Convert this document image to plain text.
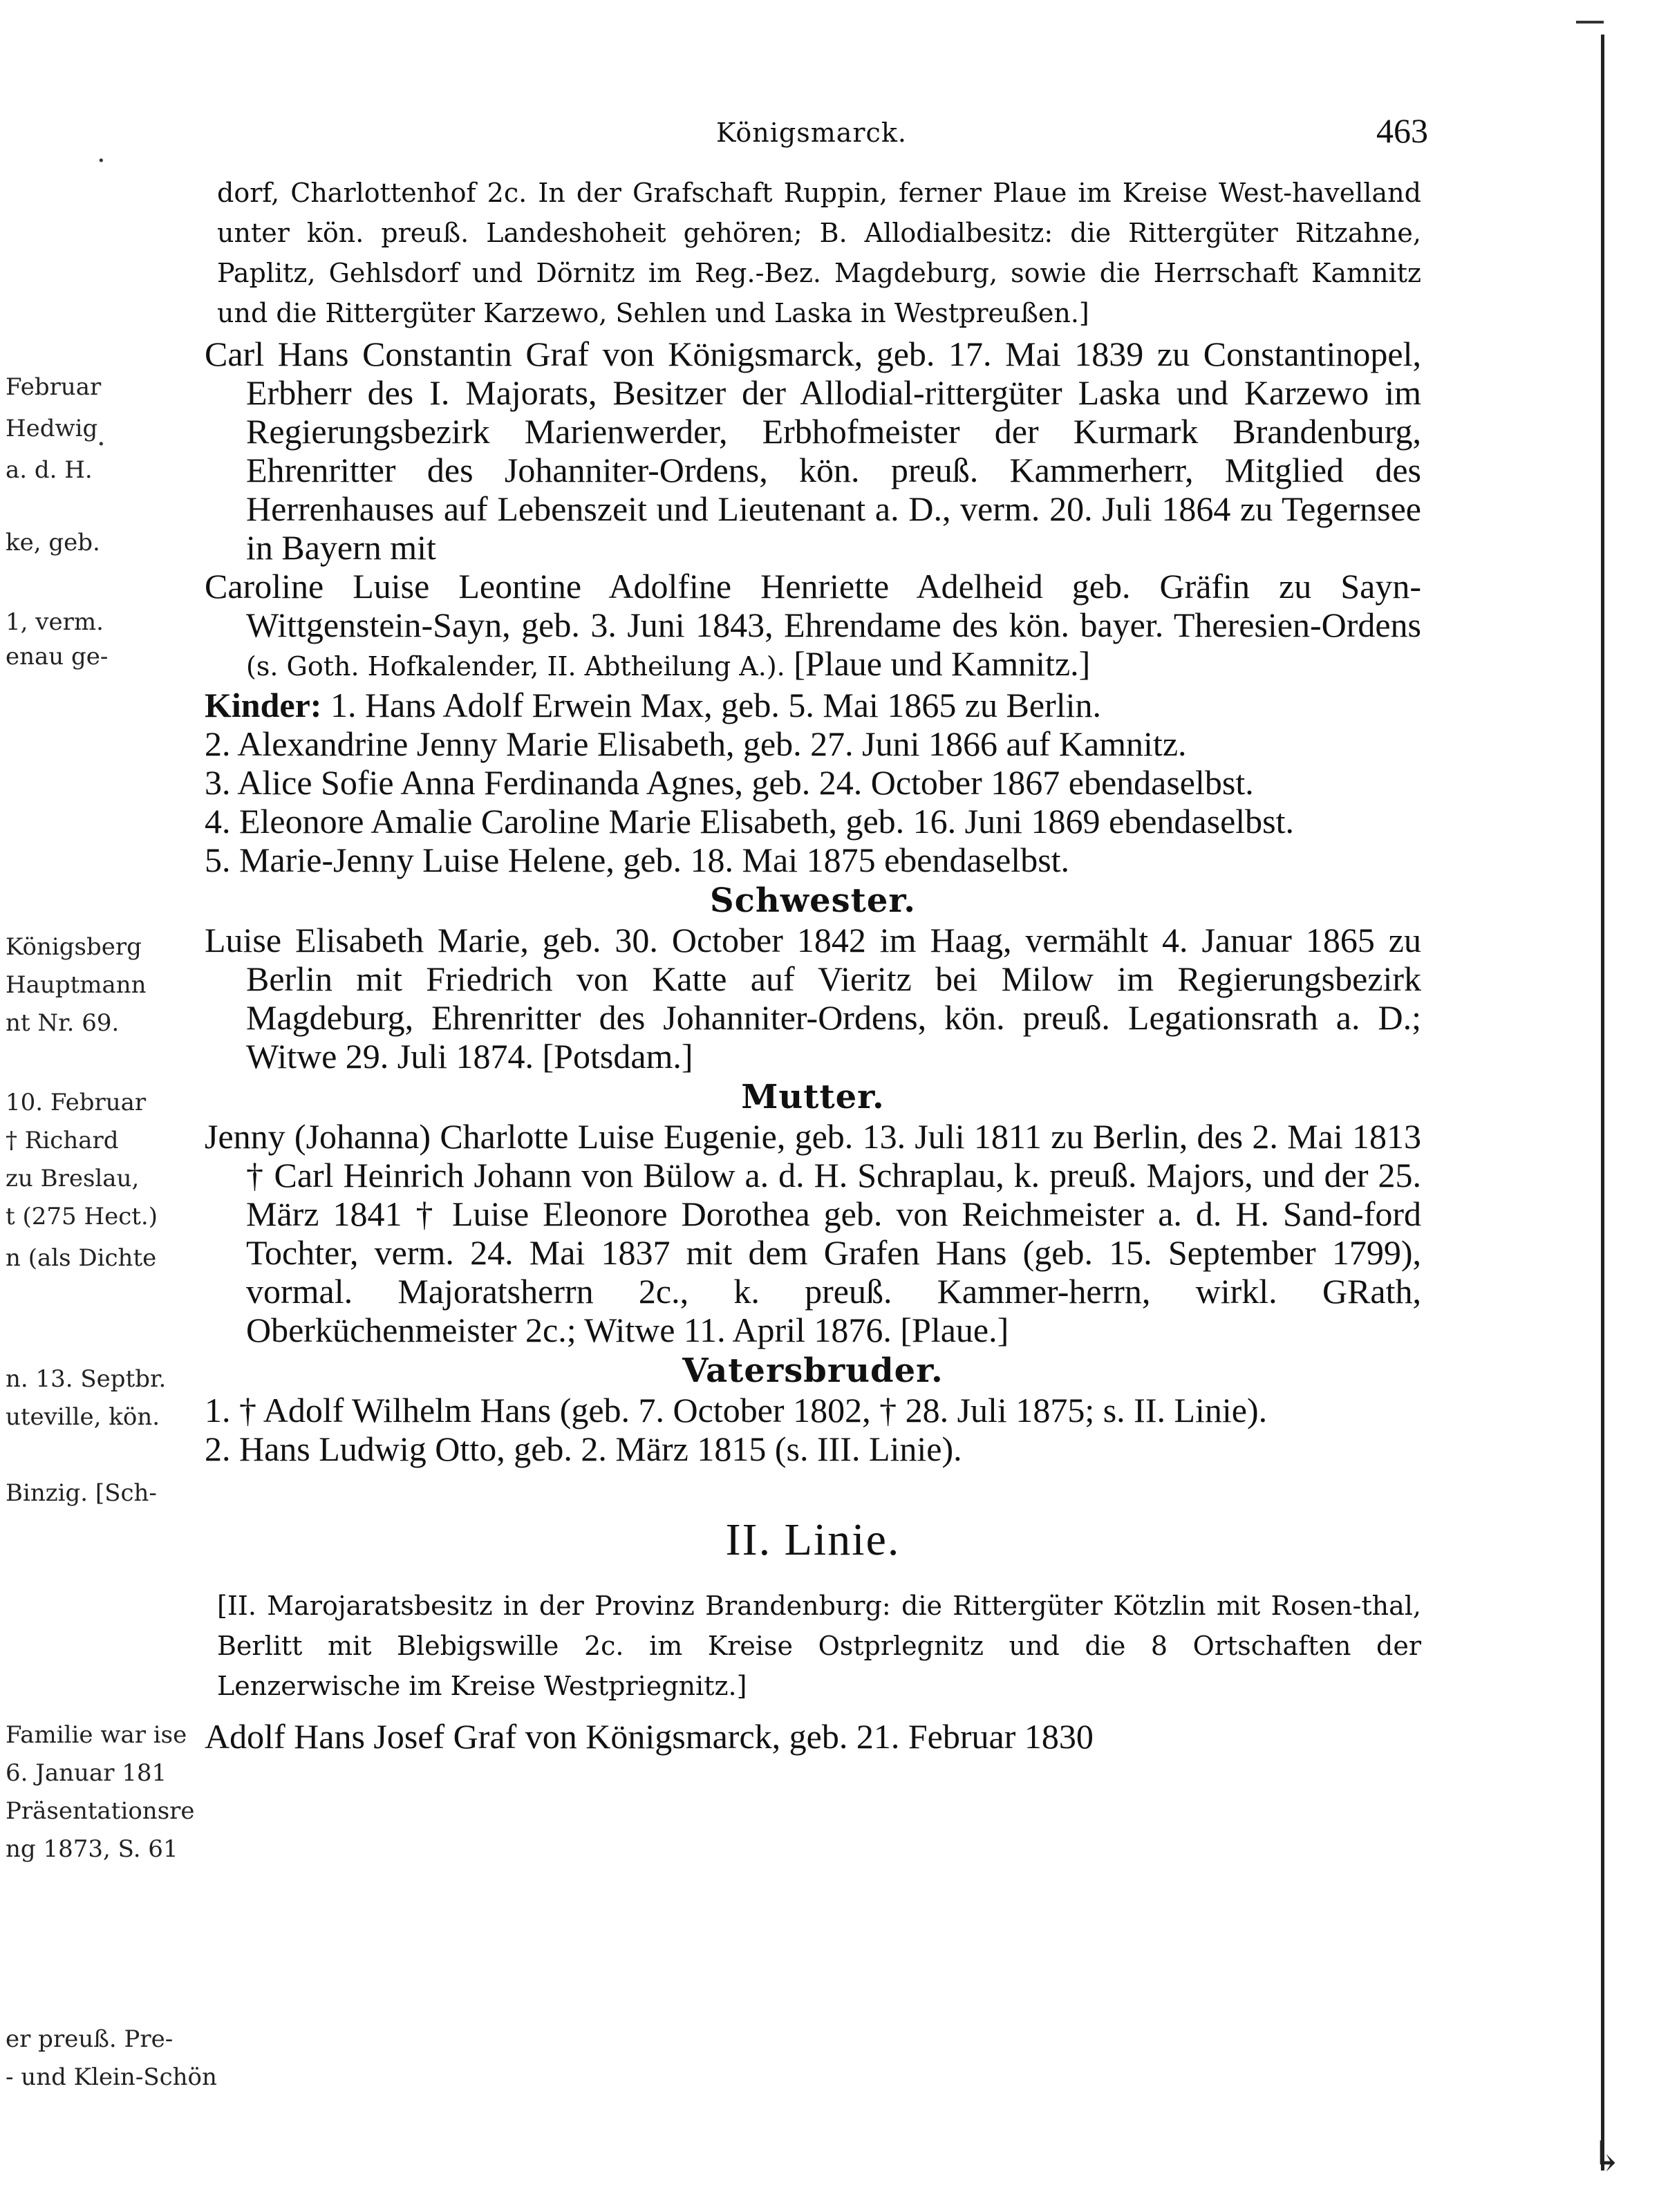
Februar
Hedwig
a. d. H.
ke, geb.
1, verm.
enau ge-
Königsberg
Hauptmann
nt Nr. 69.
10. Februar
† Richard
zu Breslau,
t (275 Hect.)
n (als Dichte
n. 13. Septbr.
uteville, kön.
Binzig. [Sch-
Familie war ise
6. Januar 181
Präsentationsre
ng 1873, S. 61
er preuß. Pre-
- und Klein-Schön
·
·
↳
Königsmarck.	463

dorf, Charlottenhof 2c. In der Grafschaft Ruppin, ferner Plaue im Kreise West-havelland unter kön. preuß. Landeshoheit gehören; B. Allodialbesitz: die Rittergüter Ritzahne, Paplitz, Gehlsdorf und Dörnitz im Reg.-Bez. Magdeburg, sowie die Herrschaft Kamnitz und die Rittergüter Karzewo, Sehlen und Laska in Westpreußen.]

Carl Hans Constantin Graf von Königsmarck, geb. 17. Mai 1839 zu Constantinopel, Erbherr des I. Majorats, Besitzer der Allodial-rittergüter Laska und Karzewo im Regierungsbezirk Marienwerder, Erbhofmeister der Kurmark Brandenburg, Ehrenritter des Johanniter-Ordens, kön. preuß. Kammerherr, Mitglied des Herrenhauses auf Lebenszeit und Lieutenant a. D., verm. 20. Juli 1864 zu Tegernsee in Bayern mit

Caroline Luise Leontine Adolfine Henriette Adelheid geb. Gräfin zu Sayn-Wittgenstein-Sayn, geb. 3. Juni 1843, Ehrendame des kön. bayer. Theresien-Ordens (s. Goth. Hofkalender, II. Abtheilung A.). [Plaue und Kamnitz.]

Kinder: 1. Hans Adolf Erwein Max, geb. 5. Mai 1865 zu Berlin.

2. Alexandrine Jenny Marie Elisabeth, geb. 27. Juni 1866 auf Kamnitz.

3. Alice Sofie Anna Ferdinanda Agnes, geb. 24. October 1867 ebendaselbst.

4. Eleonore Amalie Caroline Marie Elisabeth, geb. 16. Juni 1869 ebendaselbst.

5. Marie-Jenny Luise Helene, geb. 18. Mai 1875 ebendaselbst.

Schwester.

Luise Elisabeth Marie, geb. 30. October 1842 im Haag, vermählt 4. Januar 1865 zu Berlin mit Friedrich von Katte auf Vieritz bei Milow im Regierungsbezirk Magdeburg, Ehrenritter des Johanniter-Ordens, kön. preuß. Legationsrath a. D.; Witwe 29. Juli 1874. [Potsdam.]

Mutter.

Jenny (Johanna) Charlotte Luise Eugenie, geb. 13. Juli 1811 zu Berlin, des 2. Mai 1813 † Carl Heinrich Johann von Bülow a. d. H. Schraplau, k. preuß. Majors, und der 25. März 1841 † Luise Eleonore Dorothea geb. von Reichmeister a. d. H. Sand-ford Tochter, verm. 24. Mai 1837 mit dem Grafen Hans (geb. 15. September 1799), vormal. Majoratsherrn 2c., k. preuß. Kammer-herrn, wirkl. GRath, Oberküchenmeister 2c.; Witwe 11. April 1876. [Plaue.]

Vatersbruder.

1. † Adolf Wilhelm Hans (geb. 7. October 1802, † 28. Juli 1875; s. II. Linie).

2. Hans Ludwig Otto, geb. 2. März 1815 (s. III. Linie).

II. Linie.

[II. Marojaratsbesitz in der Provinz Brandenburg: die Rittergüter Kötzlin mit Rosen-thal, Berlitt mit Blebigswille 2c. im Kreise Ostprlegnitz und die 8 Ortschaften der Lenzerwische im Kreise Westpriegnitz.]

Adolf Hans Josef Graf von Königsmarck, geb. 21. Februar 1830
